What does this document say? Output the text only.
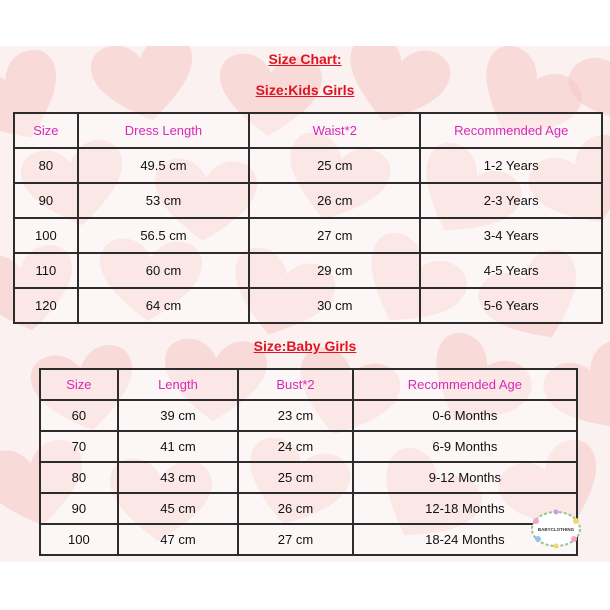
Size Chart:
Size:Kids Girls
Size	Dress Length	Waist*2	Recommended Age
80	49.5 cm	25 cm	1-2 Years
90	53 cm	26 cm	2-3 Years
100	56.5 cm	27 cm	3-4 Years
110	60 cm	29 cm	4-5 Years
120	64 cm	30 cm	5-6 Years
Size:Baby Girls
Size	Length	Bust*2	Recommended Age
60	39 cm	23 cm	0-6 Months
70	41 cm	24 cm	6-9 Months
80	43 cm	25 cm	9-12 Months
90	45 cm	26 cm	12-18 Months
100	47 cm	27 cm	18-24 Months
BABYCLOTHING
